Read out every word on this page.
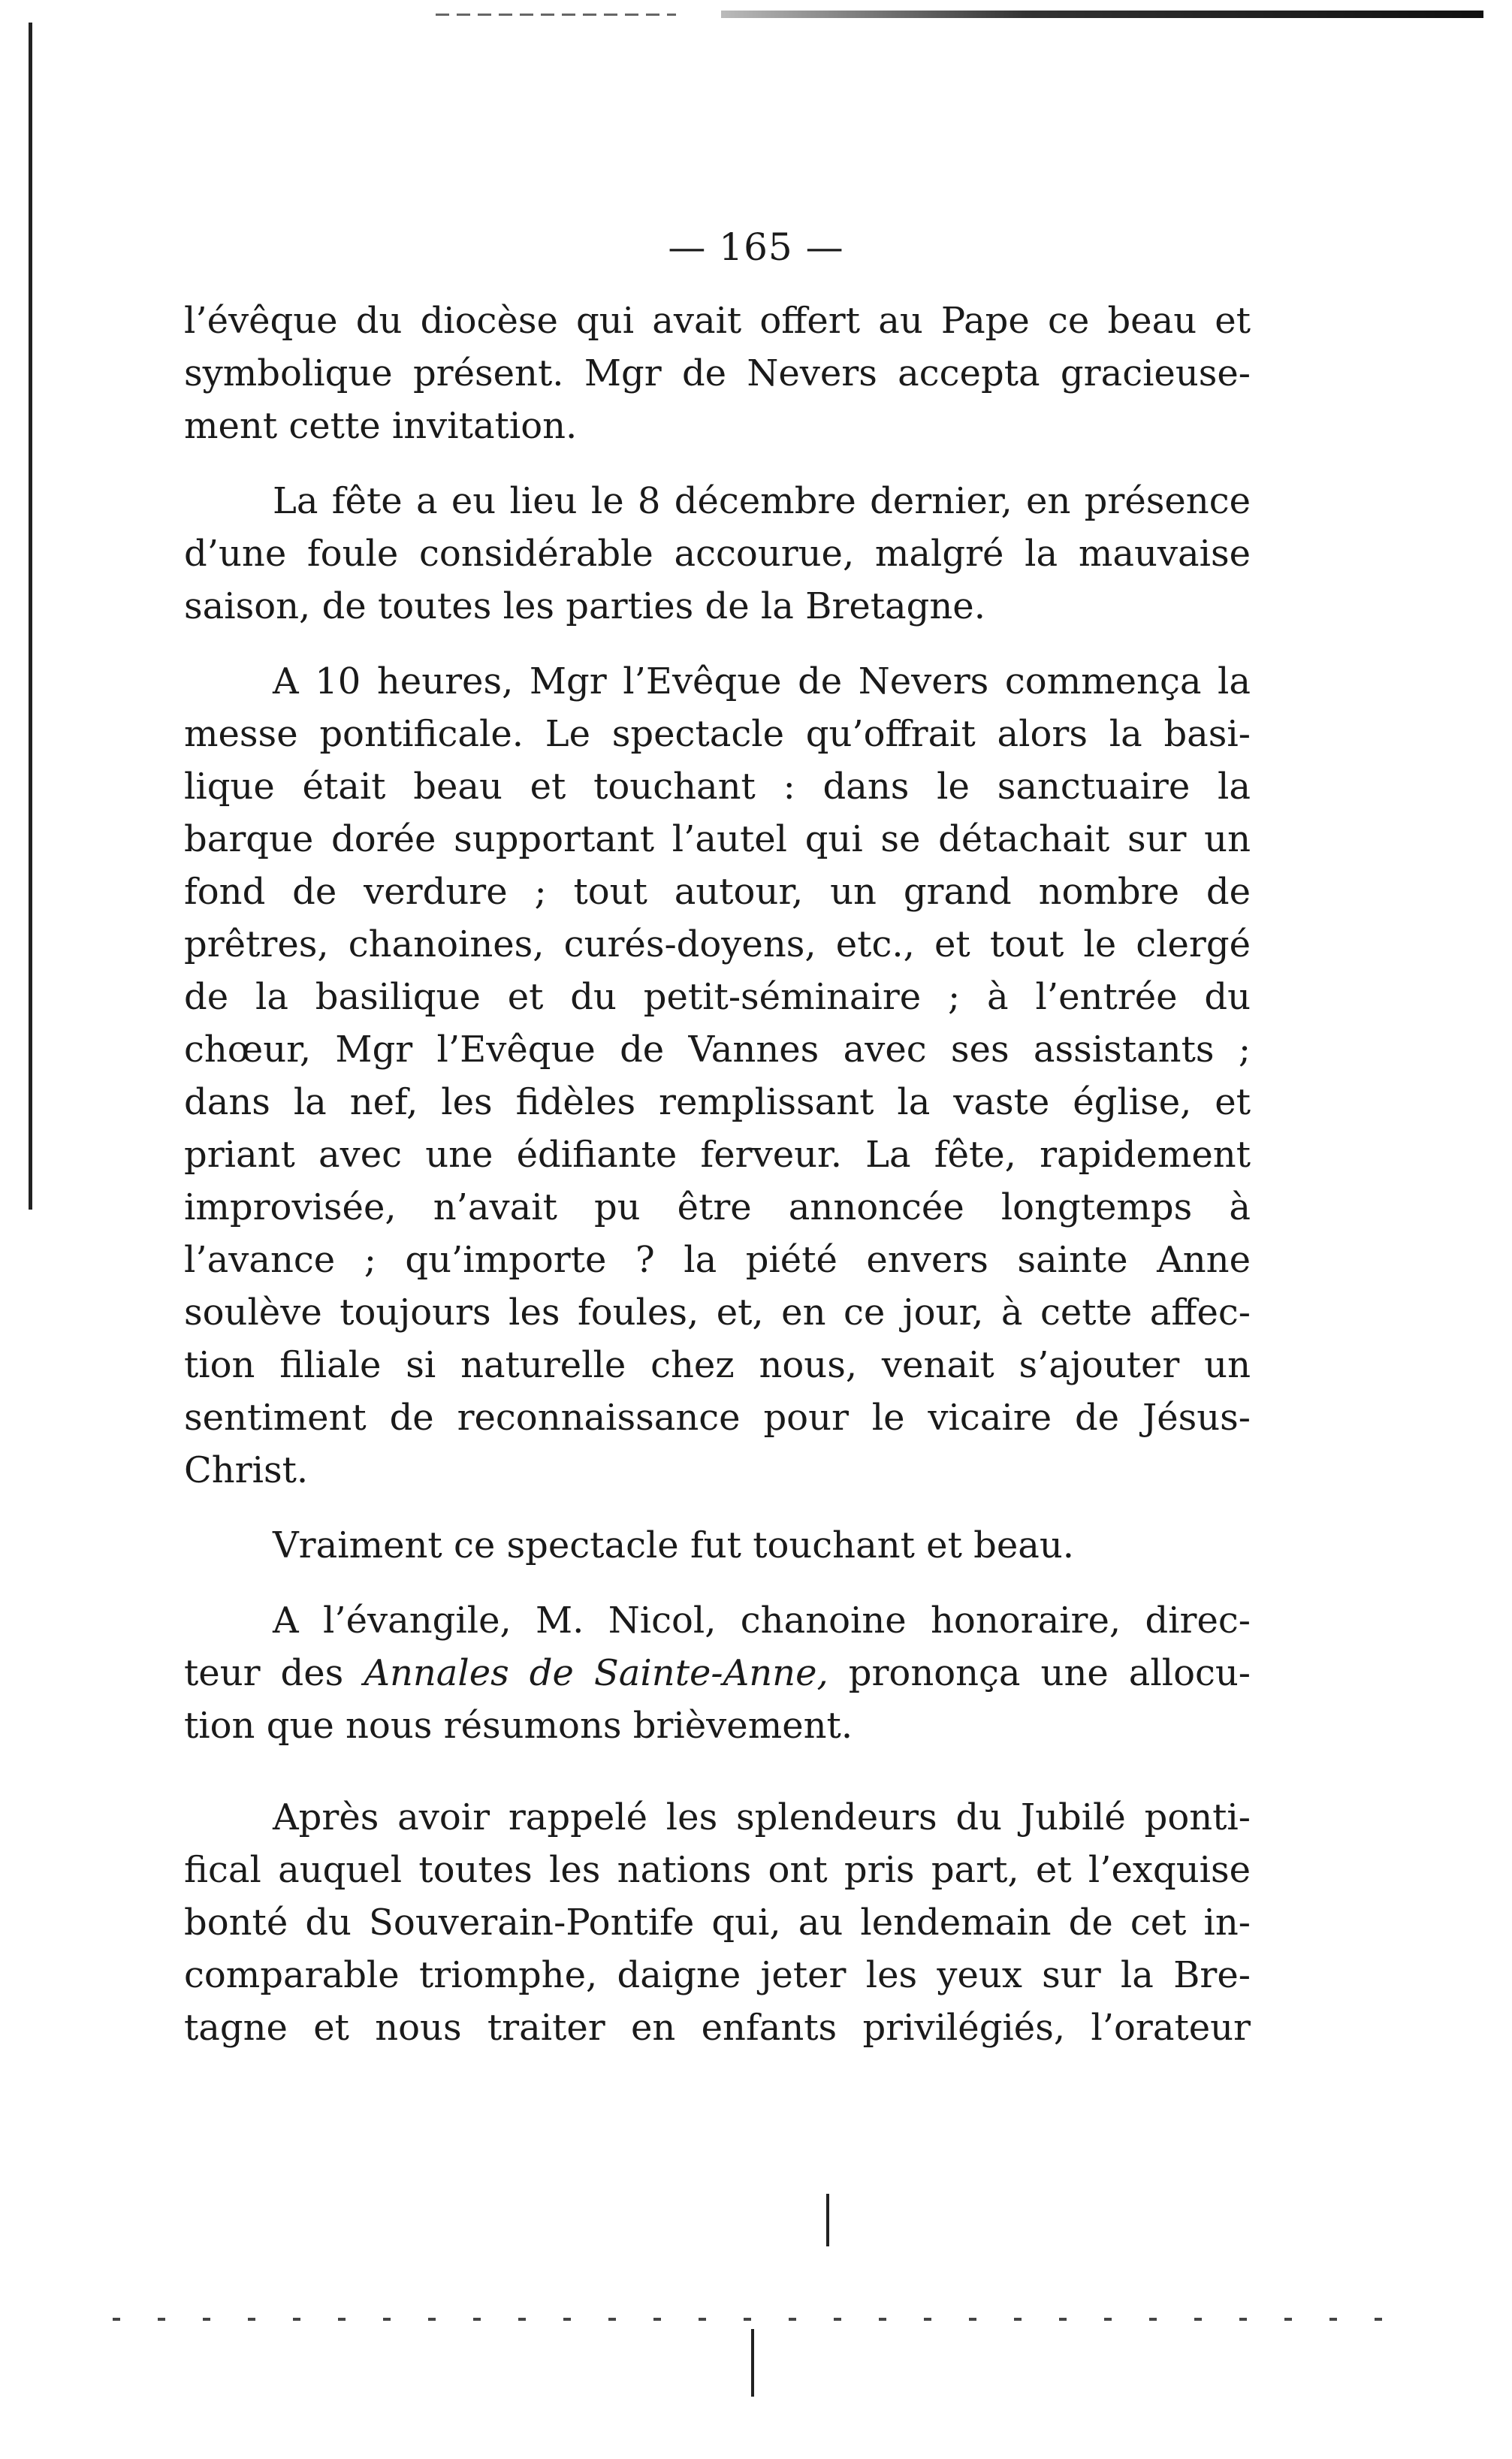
— 165 —

l’évêque du diocèse qui avait offert au Pape ce beau et
symbolique présent. Mgr de Nevers accepta gracieuse-
ment cette invitation.

La fête a eu lieu le 8 décembre dernier, en présence
d’une foule considérable accourue, malgré la mauvaise
saison, de toutes les parties de la Bretagne.

A 10 heures, Mgr l’Evêque de Nevers commença la
messe pontificale. Le spectacle qu’offrait alors la basi-
lique était beau et touchant : dans le sanctuaire la
barque dorée supportant l’autel qui se détachait sur un
fond de verdure ; tout autour, un grand nombre de
prêtres, chanoines, curés-doyens, etc., et tout le clergé
de la basilique et du petit-séminaire ; à l’entrée du
chœur, Mgr l’Evêque de Vannes avec ses assistants ;
dans la nef, les fidèles remplissant la vaste église, et
priant avec une édifiante ferveur. La fête, rapidement
improvisée, n’avait pu être annoncée longtemps à
l’avance ; qu’importe ? la piété envers sainte Anne
soulève toujours les foules, et, en ce jour, à cette affec-
tion filiale si naturelle chez nous, venait s’ajouter un
sentiment de reconnaissance pour le vicaire de Jésus-
Christ.

Vraiment ce spectacle fut touchant et beau.

A l’évangile, M. Nicol, chanoine honoraire, direc-
teur des Annales de Sainte-Anne, prononça une allocu-
tion que nous résumons brièvement.

Après avoir rappelé les splendeurs du Jubilé ponti-
fical auquel toutes les nations ont pris part, et l’exquise
bonté du Souverain-Pontife qui, au lendemain de cet in-
comparable triomphe, daigne jeter les yeux sur la Bre-
tagne et nous traiter en enfants privilégiés, l’orateur
